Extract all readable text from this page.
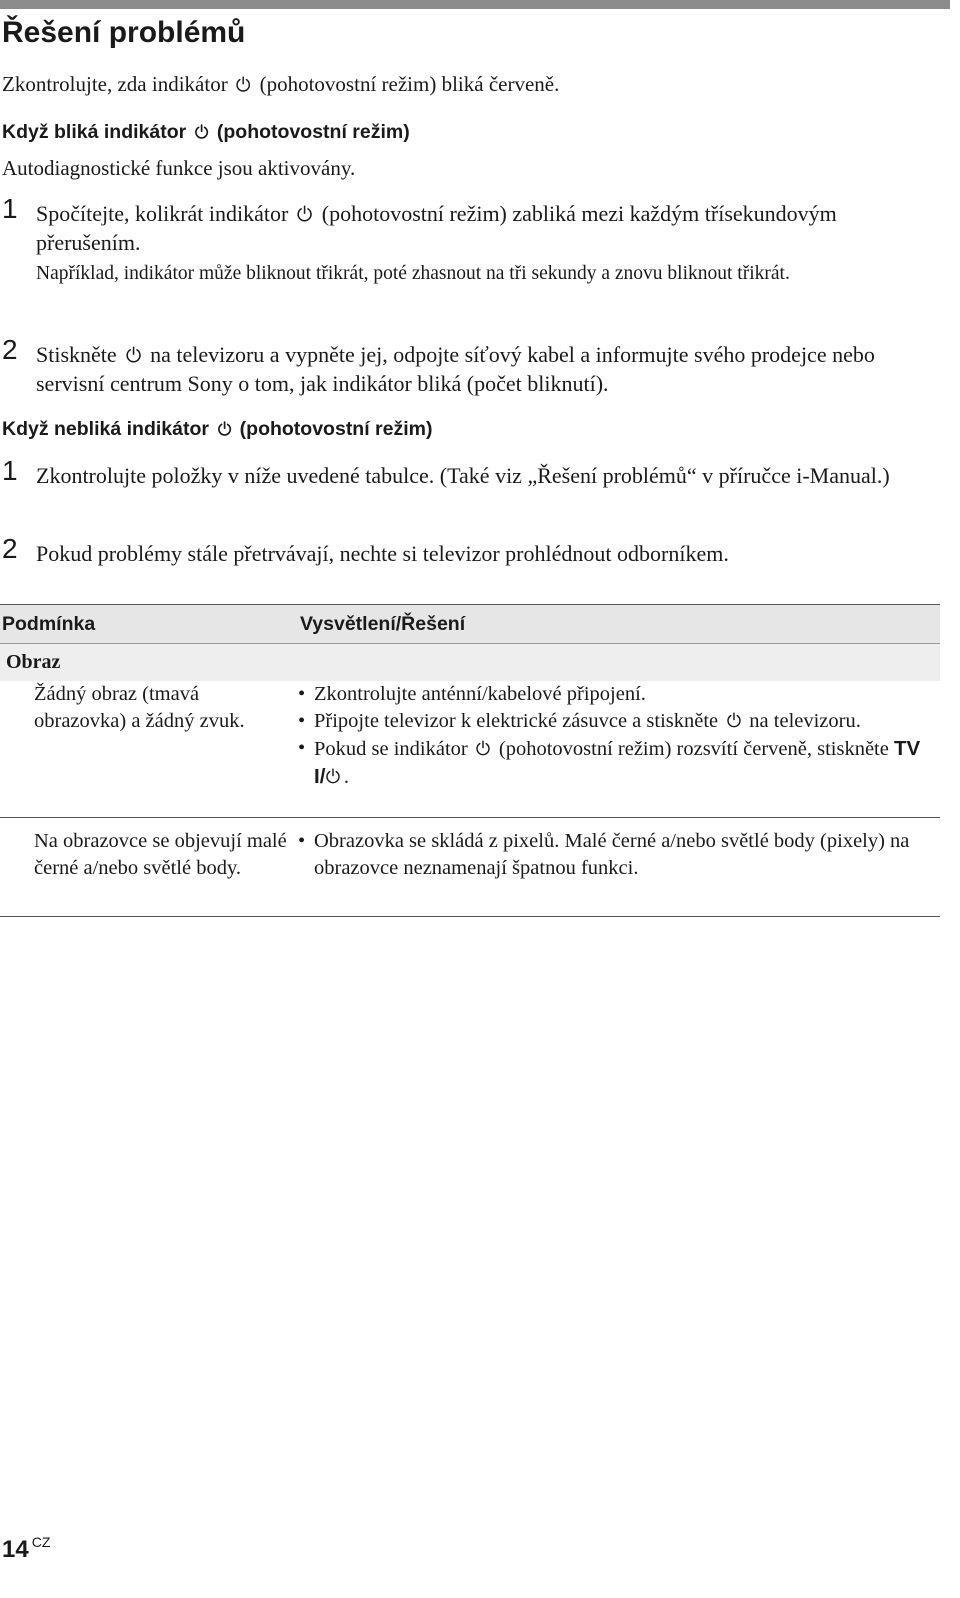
Řešení problémů
Zkontrolujte, zda indikátor (pohotovostní režim) bliká červeně.
Když bliká indikátor (pohotovostní režim)
Autodiagnostické funkce jsou aktivovány.
1 Spočítejte, kolikrát indikátor (pohotovostní režim) zabliká mezi každým třísekundovým přerušením.
Například, indikátor může bliknout třikrát, poté zhasnout na tři sekundy a znovu bliknout třikrát.
2 Stiskněte na televizoru a vypněte jej, odpojte síťový kabel a informujte svého prodejce nebo servisní centrum Sony o tom, jak indikátor bliká (počet bliknutí).
Když nebliká indikátor (pohotovostní režim)
1 Zkontrolujte položky v níže uvedené tabulce. (Také viz „Řešení problémů“ v příručce i-Manual.)
2 Pokud problémy stále přetrvávají, nechte si televizor prohlédnout odborníkem.
Podmínka	Vysvětlení/Řešení
Obraz
Žádný obraz (tmavá obrazovka) a žádný zvuk.
• Zkontrolujte anténní/kabelové připojení.
• Připojte televizor k elektrické zásuvce a stiskněte na televizoru.
• Pokud se indikátor (pohotovostní režim) rozsvítí červeně, stiskněte TV I/ .
Na obrazovce se objevují malé černé a/nebo světlé body.
• Obrazovka se skládá z pixelů. Malé černé a/nebo světlé body (pixely) na obrazovce neznamenají špatnou funkci.
14 CZ
